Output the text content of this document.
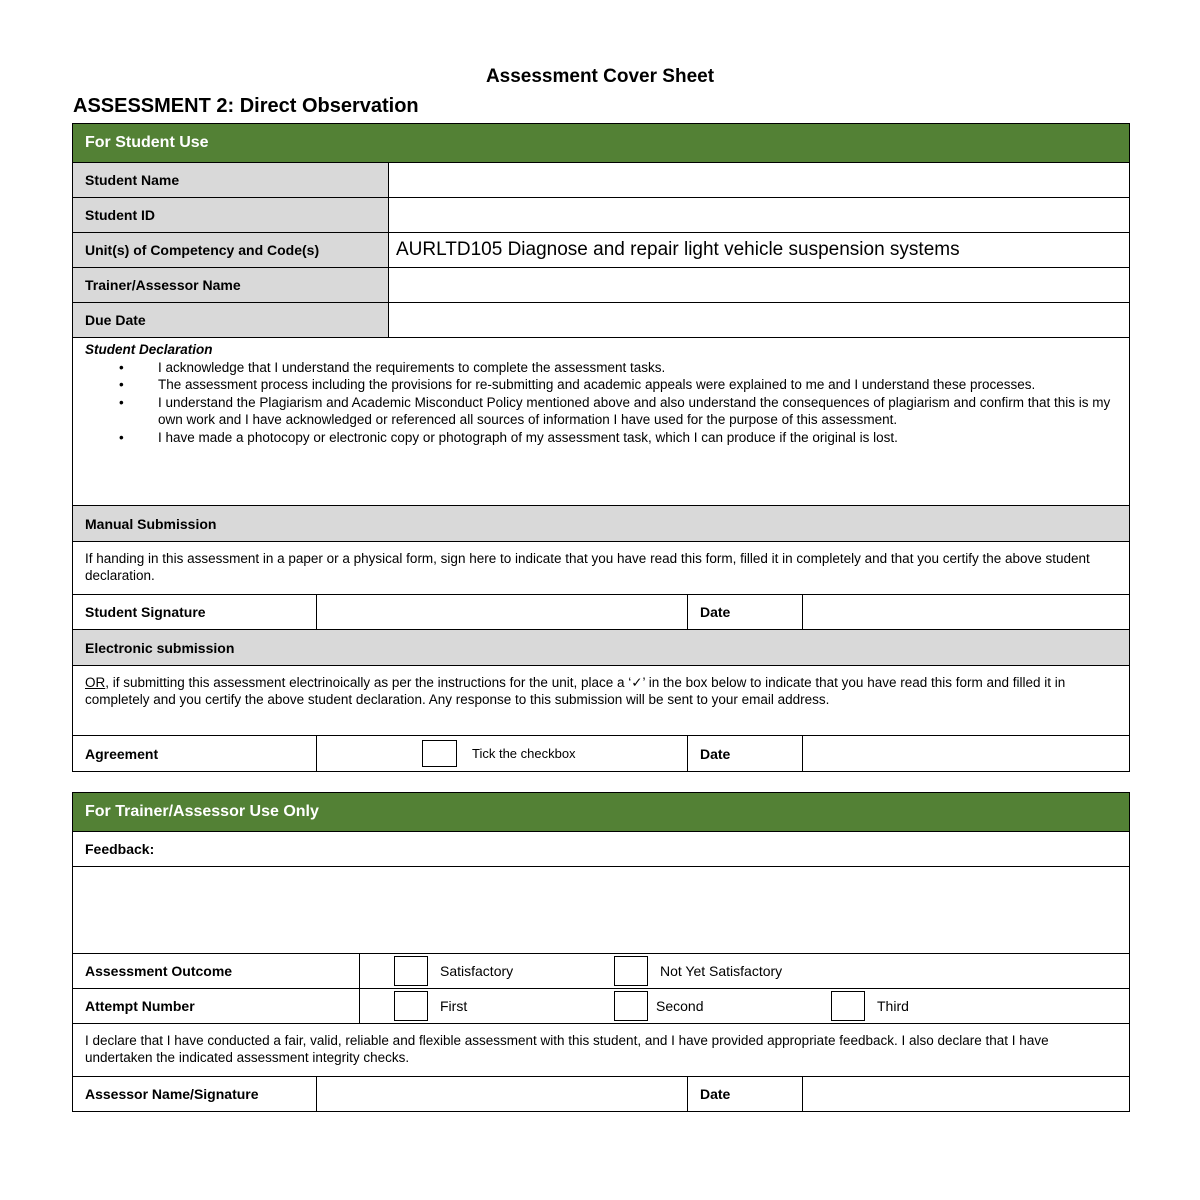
Assessment Cover Sheet
ASSESSMENT 2: Direct Observation
For Student Use
Student Name
Student ID
Unit(s) of Competency and Code(s)	AURLTD105 Diagnose and repair light vehicle suspension systems
Trainer/Assessor Name
Due Date
Student Declaration
• I acknowledge that I understand the requirements to complete the assessment tasks.
• The assessment process including the provisions for re-submitting and academic appeals were explained to me and I understand these processes.
• I understand the Plagiarism and Academic Misconduct Policy mentioned above and also understand the consequences of plagiarism and confirm that this is my own work and I have acknowledged or referenced all sources of information I have used for the purpose of this assessment.
• I have made a photocopy or electronic copy or photograph of my assessment task, which I can produce if the original is lost.
Manual Submission
If handing in this assessment in a paper or a physical form, sign here to indicate that you have read this form, filled it in completely and that you certify the above student declaration.
Student Signature	Date
Electronic submission
OR, if submitting this assessment electrinoically as per the instructions for the unit, place a ‘✓’ in the box below to indicate that you have read this form and filled it in completely and you certify the above student declaration. Any response to this submission will be sent to your email address.
Agreement	Tick the checkbox	Date
For Trainer/Assessor Use Only
Feedback:
Assessment Outcome	Satisfactory	Not Yet Satisfactory
Attempt Number	First	Second	Third
I declare that I have conducted a fair, valid, reliable and flexible assessment with this student, and I have provided appropriate feedback. I also declare that I have undertaken the indicated assessment integrity checks.
Assessor Name/Signature	Date
